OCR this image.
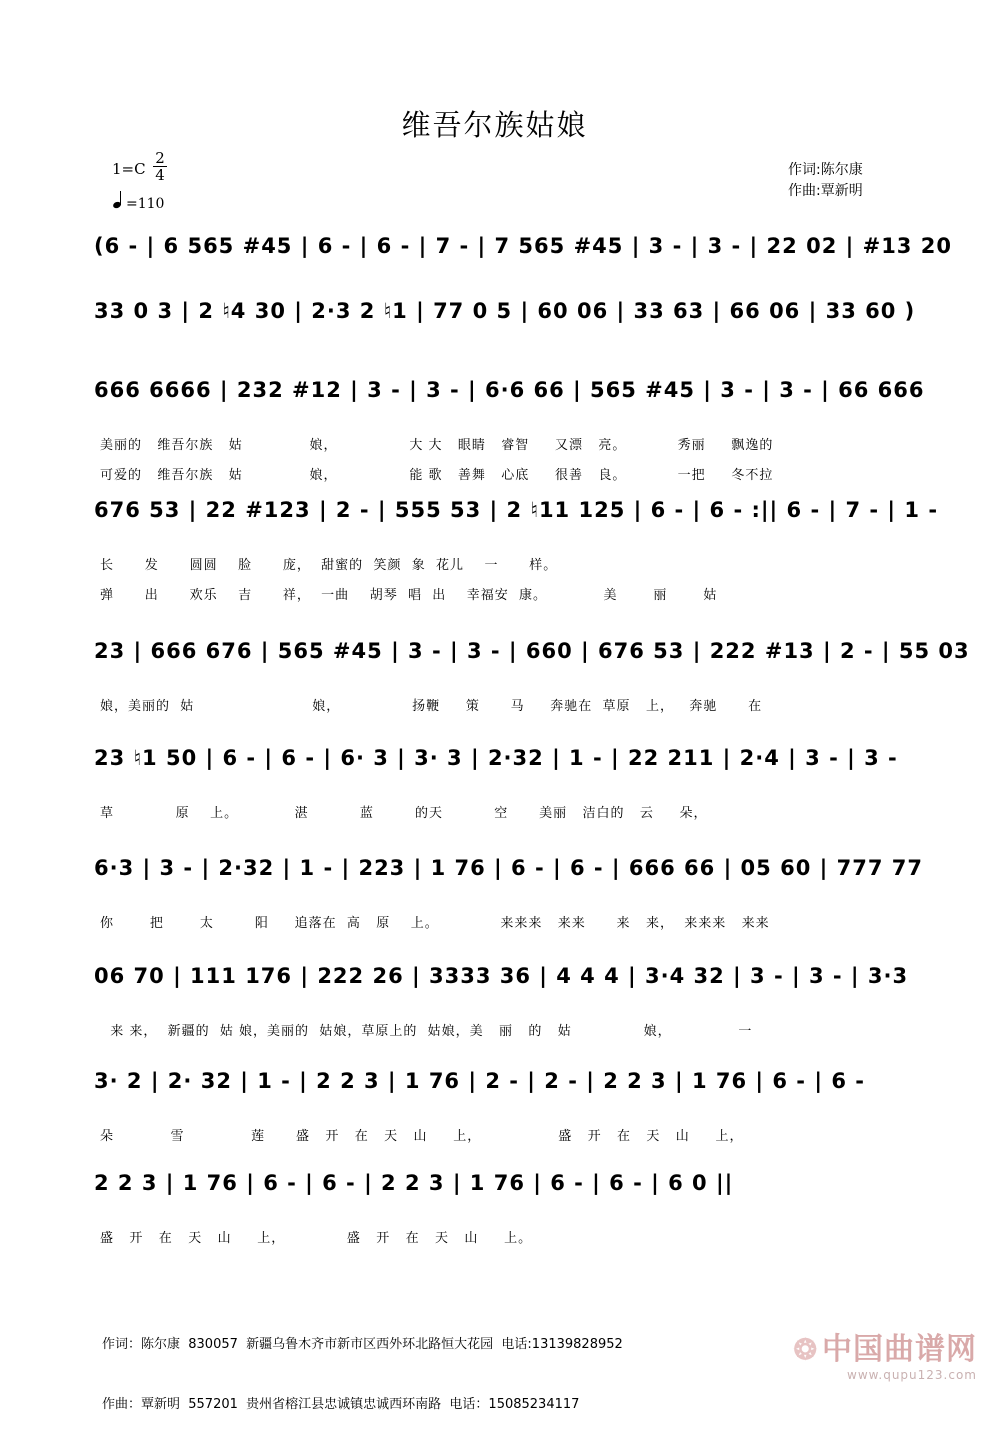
维吾尔族姑娘
$1=C \frac{2}{4}$
=110
作词:陈尔康
作曲:覃新明
(6 - | 6 565 #45 | 6 - | 6 - | 7 - | 7 565 #45 | 3 - | 3 - | 22 02 | #13 20
33 0 3 | 2 ♮4 30 | 2·3 2 ♮1 | 77 0 5 | 60 06 | 33 63 | 66 06 | 33 60 )
666 6666 | 232 #12 | 3 - | 3 - | 6·6 66 | 565 #45 | 3 - | 3 - | 66 666
美丽的   维吾尔族   姑             娘，              大 大   眼睛   睿智     又漂   亮。          秀丽     飘逸的
可爱的   维吾尔族   姑             娘，              能 歌   善舞   心底     很善   良。          一把     冬不拉
676 53 | 22 #123 | 2 - | 555 53 | 2 ♮11 125 | 6 - | 6 - :|| 6 - | 7 - | 1 -
长      发      圆圆    脸      庞，  甜蜜的  笑颜  象  花儿    一      样。
弹      出      欢乐    吉      祥，  一曲    胡琴  唱  出    幸福安  康。           美       丽       姑
23 | 666 676 | 565 #45 | 3 - | 3 - | 660 | 676 53 | 222 #13 | 2 - | 55 03
娘，美丽的  姑                       娘，              扬鞭     策      马     奔驰在  草原   上，   奔驰      在
23 ♮1 50 | 6 - | 6 - | 6· 3 | 3· 3 | 2·32 | 1 - | 22 211 | 2·4 | 3 - | 3 -
草            原    上。           湛          蓝        的天          空      美丽   洁白的   云     朵，
6·3 | 3 - | 2·32 | 1 - | 223 | 1 76 | 6 - | 6 - | 666 66 | 05 60 | 777 77
你       把       太        阳     追落在  高   原    上。            来来来   来来      来   来，  来来来   来来
06 70 | 111 176 | 222 26 | 3333 36 | 4 4 4 | 3·4 32 | 3 - | 3 - | 3·3
来 来，  新疆的  姑 娘，美丽的  姑娘，草原上的  姑娘，美   丽   的   姑              娘，             一
3· 2 | 2· 32 | 1 - | 2 2 3 | 1 76 | 2 - | 2 - | 2 2 3 | 1 76 | 6 - | 6 -
朵           雪             莲      盛   开   在   天   山     上，               盛   开   在   天   山     上，
2 2 3 | 1 76 | 6 - | 6 - | 2 2 3 | 1 76 | 6 - | 6 - | 6 0 ||
盛   开   在   天   山     上，            盛   开   在   天   山     上。

作词：陈尔康  830057  新疆乌鲁木齐市新市区西外环北路恒大花园  电话:13139828952

作曲：覃新明  557201  贵州省榕江县忠诚镇忠诚西环南路  电话：15085234117

❂ 中国曲谱网
www.qupu123.com
